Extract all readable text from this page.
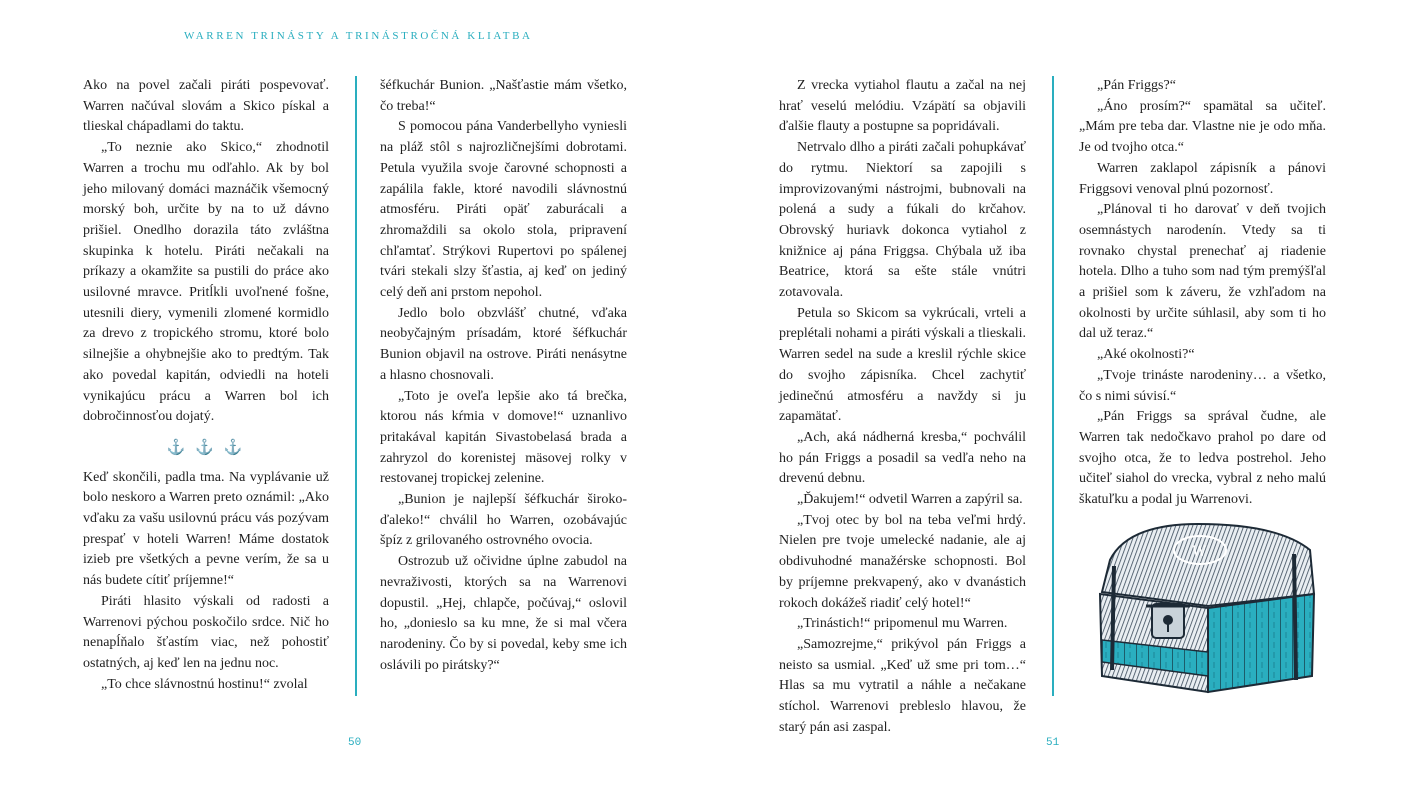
WARREN TRINÁSTY A TRINÁSTROČNÁ KLIATBA

Ako na povel začali piráti pospevovať. Warren načúval slovám a Skico pískal a tlieskal chápadlami do taktu.

„To neznie ako Skico,“ zhodnotil Warren a trochu mu odľahlo. Ak by bol jeho milovaný domáci maznáčik všemocný morský boh, určite by na to už dávno prišiel. Onedlho dorazila táto zvláštna skupinka k hotelu. Piráti nečakali na príkazy a okamžite sa pustili do práce ako usilovné mravce. Pritĺkli uvoľnené fošne, utesnili diery, vymenili zlomené kormidlo za drevo z tropického stromu, ktoré bolo silnejšie a ohybnejšie ako to predtým. Tak ako povedal kapitán, odviedli na hoteli vynikajúcu prácu a Warren bol ich dobročinnosťou dojatý.

⚓ ⚓ ⚓

Keď skončili, padla tma. Na vyplávanie už bolo neskoro a Warren preto oznámil: „Ako vďaku za vašu usilovnú prácu vás pozývam prespať v hoteli Warren! Máme dostatok izieb pre všetkých a pevne verím, že sa u nás budete cítiť príjemne!“

Piráti hlasito výskali od radosti a Warrenovi pýchou poskočilo srdce. Nič ho nenapĺňalo šťastím viac, než pohostiť ostatných, aj keď len na jednu noc.

„To chce slávnostnú hostinu!“ zvolal

šéfkuchár Bunion. „Našťastie mám všetko, čo treba!“

S pomocou pána Vanderbellyho vyniesli na pláž stôl s najrozličnejšími dobrotami. Petula využila svoje čarovné schopnosti a zapálila fakle, ktoré navodili slávnostnú atmosféru. Piráti opäť zaburácali a zhromaždili sa okolo stola, pripravení chľamtať. Strýkovi Rupertovi po spálenej tvári stekali slzy šťastia, aj keď on jediný celý deň ani prstom nepohol.

Jedlo bolo obzvlášť chutné, vďaka neobyčajným prísadám, ktoré šéfkuchár Bunion objavil na ostrove. Piráti nenásytne a hlasno chosnovali.

„Toto je oveľa lepšie ako tá brečka, ktorou nás kŕmia v domove!“ uznanlivo pritakával kapitán Sivastobelasá brada a zahryzol do korenistej mäsovej rolky v restovanej tropickej zelenine.

„Bunion je najlepší šéfkuchár široko-ďaleko!“ chválil ho Warren, ozobávajúc špíz z grilovaného ostrovného ovocia.

Ostrozub už očividne úplne zabudol na nevraživosti, ktorých sa na Warrenovi dopustil. „Hej, chlapče, počúvaj,“ oslovil ho, „donieslo sa ku mne, že si mal včera narodeniny. Čo by si povedal, keby sme ich oslávili po pirátsky?“

Z vrecka vytiahol flautu a začal na nej hrať veselú melódiu. Vzápätí sa objavili ďalšie flauty a postupne sa popridávali.

Netrvalo dlho a piráti začali pohupkávať do rytmu. Niektorí sa zapojili s improvizovanými nástrojmi, bubnovali na polená a sudy a fúkali do krčahov. Obrovský huriavk dokonca vytiahol z knižnice aj pána Friggsa. Chýbala už iba Beatrice, ktorá sa ešte stále vnútri zotavovala.

Petula so Skicom sa vykrúcali, vrteli a preplétali nohami a piráti výskali a tlieskali. Warren sedel na sude a kreslil rýchle skice do svojho zápisníka. Chcel zachytiť jedinečnú atmosféru a navždy si ju zapamätať.

„Ach, aká nádherná kresba,“ pochválil ho pán Friggs a posadil sa vedľa neho na drevenú debnu.

„Ďakujem!“ odvetil Warren a zapýril sa.

„Tvoj otec by bol na teba veľmi hrdý. Nielen pre tvoje umelecké nadanie, ale aj obdivuhodné manažérske schopnosti. Bol by príjemne prekvapený, ako v dvanástich rokoch dokážeš riadiť celý hotel!“

„Trinástich!“ pripomenul mu Warren.

„Samozrejme,“ prikývol pán Friggs a neisto sa usmial. „Keď už sme pri tom…“ Hlas sa mu vytratil a náhle a nečakane stíchol. Warrenovi prebleslo hlavou, že starý pán asi zaspal.

„Pán Friggs?“

„Áno prosím?“ spamätal sa učiteľ. „Mám pre teba dar. Vlastne nie je odo mňa. Je od tvojho otca.“

Warren zaklapol zápisník a pánovi Friggsovi venoval plnú pozornosť.

„Plánoval ti ho darovať v deň tvojich osemnástych narodenín. Vtedy sa ti rovnako chystal prenechať aj riadenie hotela. Dlho a tuho som nad tým premýšľal a prišiel som k záveru, že vzhľadom na okolnosti by určite súhlasil, aby som ti ho dal už teraz.“

„Aké okolnosti?“

„Tvoje trináste narodeniny… a všetko, čo s nimi súvisí.“

„Pán Friggs sa správal čudne, ale Warren tak nedočkavo prahol po dare od svojho otca, že to ledva postrehol. Jeho učiteľ siahol do vrecka, vybral z neho malú škatuľku a podal ju Warrenovi.

W
50	51
